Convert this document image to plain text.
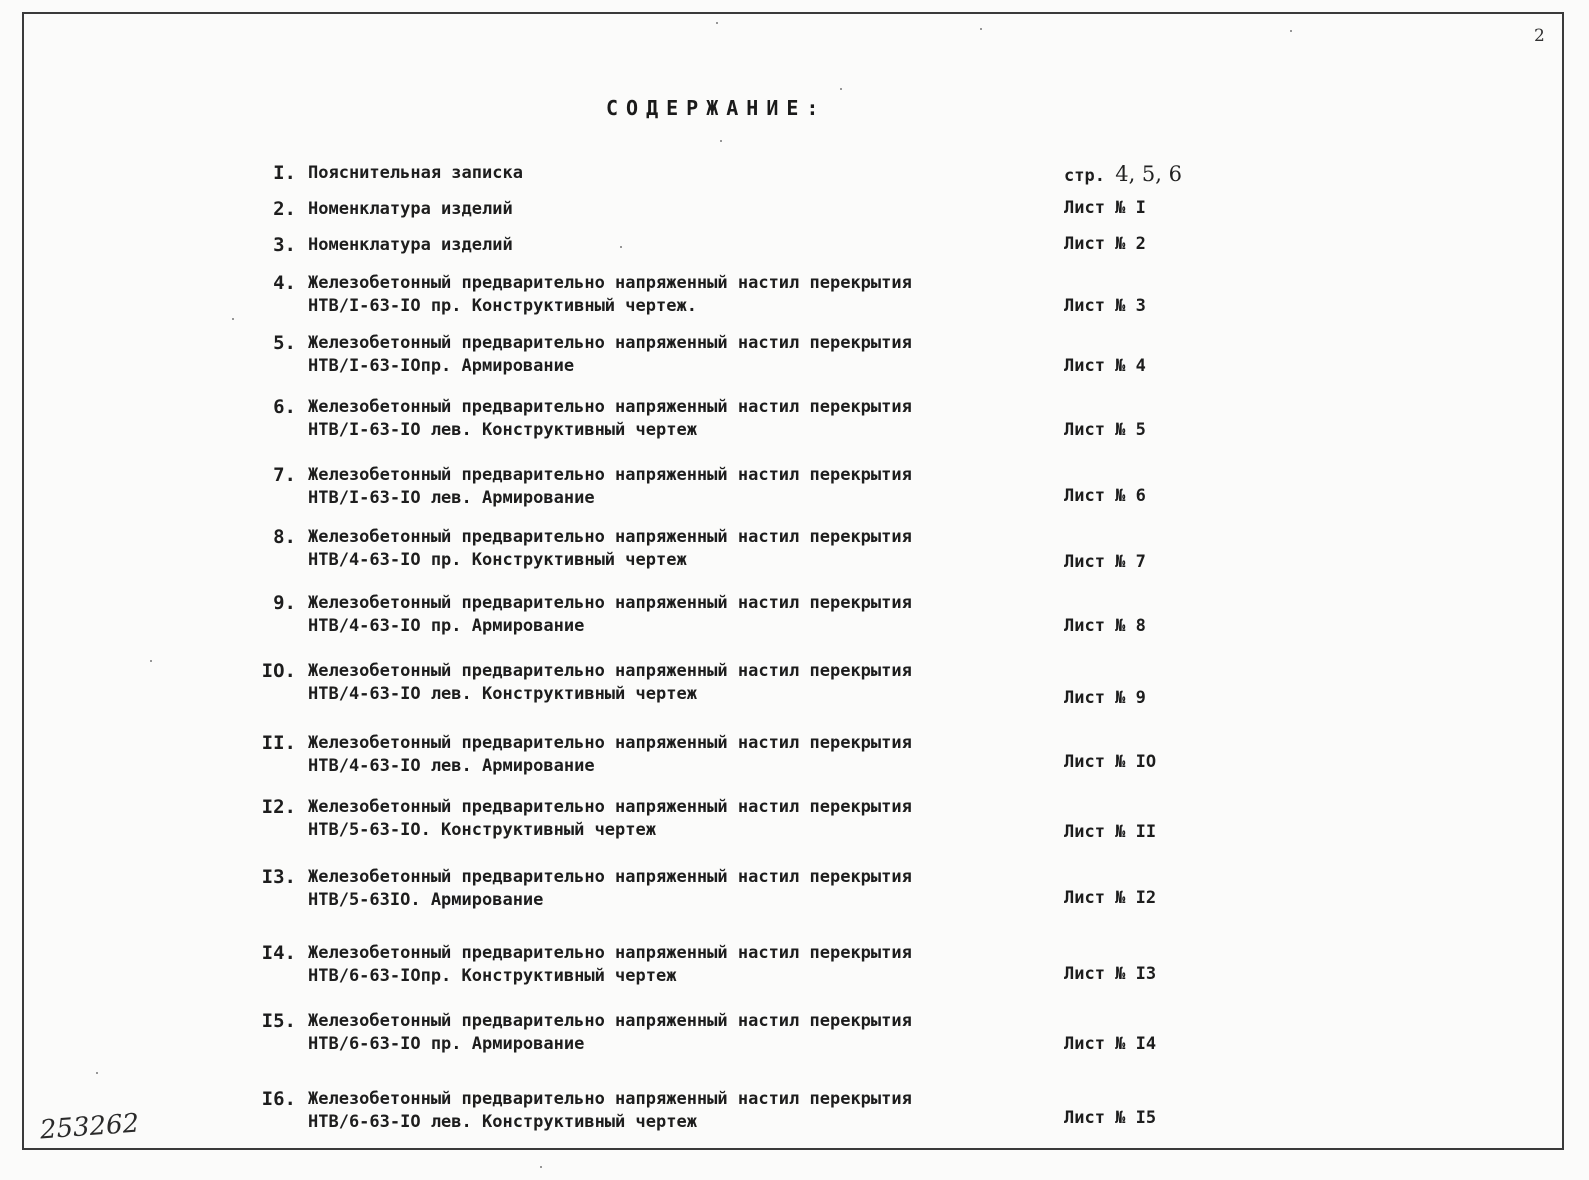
2
СОДЕРЖАНИЕ:
I. Пояснительная записка	стр. 4, 5, 6
2. Номенклатура изделий	Лист № I
3. Номенклатура изделий	Лист № 2
4. Железобетонный предварительно напряженный настил перекрытия
НТВ/I-63-IO пр. Конструктивный чертеж.	Лист № 3
5. Железобетонный предварительно напряженный настил перекрытия
НТВ/I-63-IOпр. Армирование	Лист № 4
6. Железобетонный предварительно напряженный настил перекрытия
НТВ/I-63-IO лев. Конструктивный чертеж	Лист № 5
7. Железобетонный предварительно напряженный настил перекрытия
НТВ/I-63-IO лев. Армирование	Лист № 6
8. Железобетонный предварительно напряженный настил перекрытия
НТВ/4-63-IO пр. Конструктивный чертеж	Лист № 7
9. Железобетонный предварительно напряженный настил перекрытия
НТВ/4-63-IO пр. Армирование	Лист № 8
IO. Железобетонный предварительно напряженный настил перекрытия
НТВ/4-63-IO лев. Конструктивный чертеж	Лист № 9
II. Железобетонный предварительно напряженный настил перекрытия
НТВ/4-63-IO лев. Армирование	Лист № IO
I2. Железобетонный предварительно напряженный настил перекрытия
НТВ/5-63-IO. Конструктивный чертеж	Лист № II
I3. Железобетонный предварительно напряженный настил перекрытия
НТВ/5-63IO. Армирование	Лист № I2
I4. Железобетонный предварительно напряженный настил перекрытия
НТВ/6-63-IOпр. Конструктивный чертеж	Лист № I3
I5. Железобетонный предварительно напряженный настил перекрытия
НТВ/6-63-IO пр. Армирование	Лист № I4
I6. Железобетонный предварительно напряженный настил перекрытия
НТВ/6-63-IO лев. Конструктивный чертеж	Лист № I5
253262
